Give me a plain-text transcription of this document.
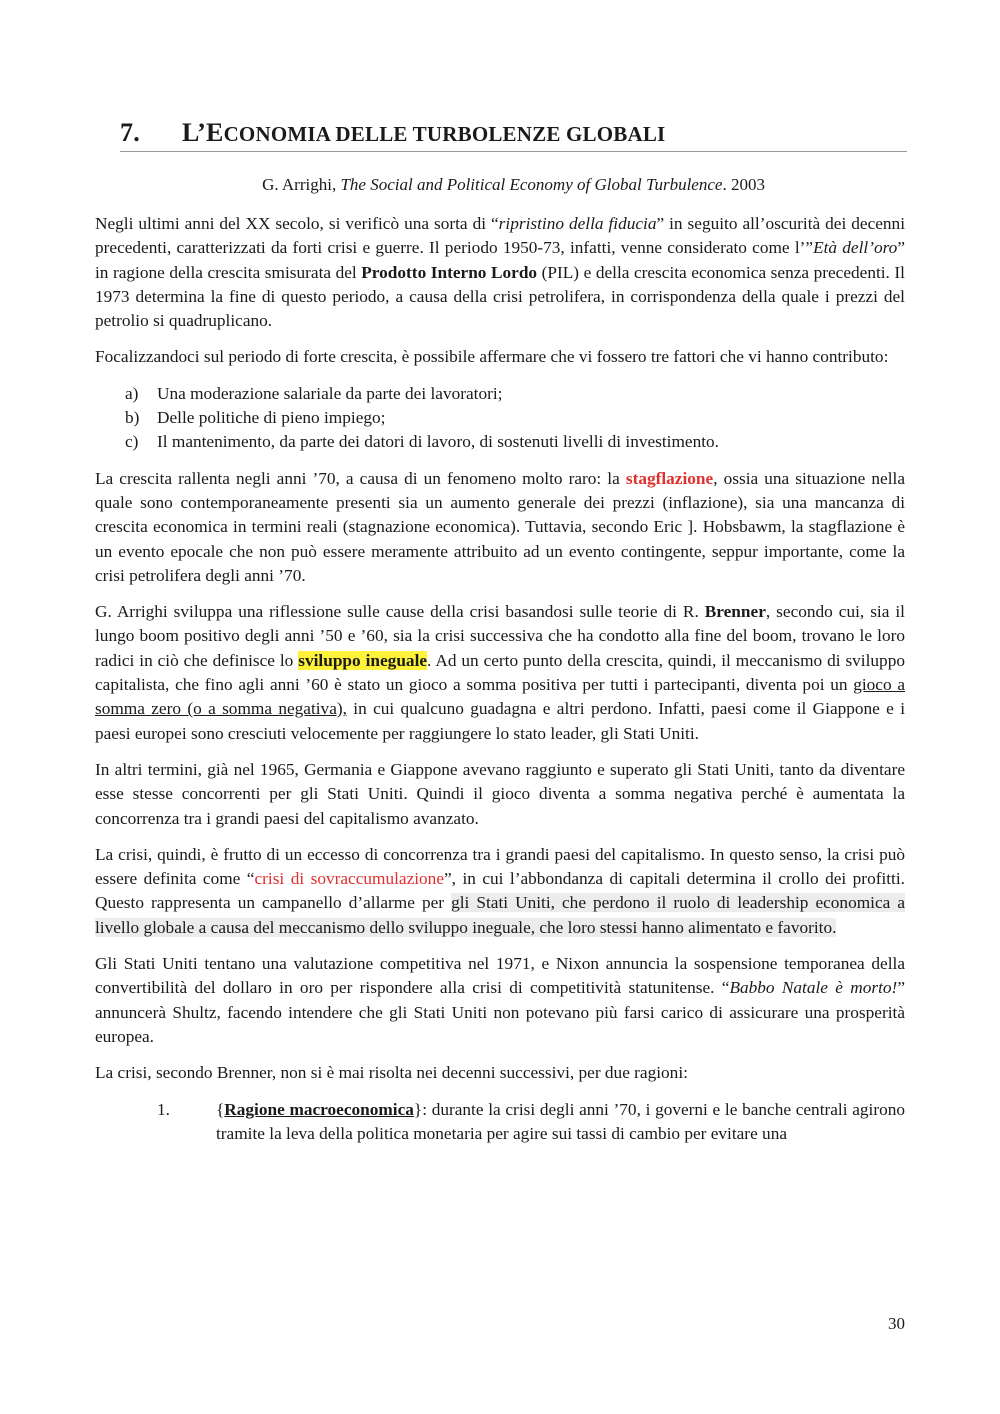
7. L’ECONOMIA DELLE TURBOLENZE GLOBALI
G. Arrighi, The Social and Political Economy of Global Turbulence. 2003

Negli ultimi anni del XX secolo, si verificò una sorta di “ripristino della fiducia” in seguito all’oscurità dei decenni precedenti, caratterizzati da forti crisi e guerre. Il periodo 1950-73, infatti, venne considerato come l’”Età dell’oro” in ragione della crescita smisurata del Prodotto Interno Lordo (PIL) e della crescita economica senza precedenti. Il 1973 determina la fine di questo periodo, a causa della crisi petrolifera, in corrispondenza della quale i prezzi del petrolio si quadruplicano.

Focalizzandoci sul periodo di forte crescita, è possibile affermare che vi fossero tre fattori che vi hanno contributo:

a) Una moderazione salariale da parte dei lavoratori;
b) Delle politiche di pieno impiego;
c) Il mantenimento, da parte dei datori di lavoro, di sostenuti livelli di investimento.

La crescita rallenta negli anni ’70, a causa di un fenomeno molto raro: la stagflazione, ossia una situazione nella quale sono contemporaneamente presenti sia un aumento generale dei prezzi (inflazione), sia una mancanza di crescita economica in termini reali (stagnazione economica). Tuttavia, secondo Eric ]. Hobsbawm, la stagflazione è un evento epocale che non può essere meramente attribuito ad un evento contingente, seppur importante, come la crisi petrolifera degli anni ’70.

G. Arrighi sviluppa una riflessione sulle cause della crisi basandosi sulle teorie di R. Brenner, secondo cui, sia il lungo boom positivo degli anni ’50 e ’60, sia la crisi successiva che ha condotto alla fine del boom, trovano le loro radici in ciò che definisce lo sviluppo ineguale. Ad un certo punto della crescita, quindi, il meccanismo di sviluppo capitalista, che fino agli anni ’60 è stato un gioco a somma positiva per tutti i partecipanti, diventa poi un gioco a somma zero (o a somma negativa), in cui qualcuno guadagna e altri perdono. Infatti, paesi come il Giappone e i paesi europei sono cresciuti velocemente per raggiungere lo stato leader, gli Stati Uniti.

In altri termini, già nel 1965, Germania e Giappone avevano raggiunto e superato gli Stati Uniti, tanto da diventare esse stesse concorrenti per gli Stati Uniti. Quindi il gioco diventa a somma negativa perché è aumentata la concorrenza tra i grandi paesi del capitalismo avanzato.

La crisi, quindi, è frutto di un eccesso di concorrenza tra i grandi paesi del capitalismo. In questo senso, la crisi può essere definita come “crisi di sovraccumulazione”, in cui l’abbondanza di capitali determina il crollo dei profitti. Questo rappresenta un campanello d’allarme per gli Stati Uniti, che perdono il ruolo di leadership economica a livello globale a causa del meccanismo dello sviluppo ineguale, che loro stessi hanno alimentato e favorito.

Gli Stati Uniti tentano una valutazione competitiva nel 1971, e Nixon annuncia la sospensione temporanea della convertibilità del dollaro in oro per rispondere alla crisi di competitività statunitense. “Babbo Natale è morto!” annuncerà Shultz, facendo intendere che gli Stati Uniti non potevano più farsi carico di assicurare una prosperità europea.

La crisi, secondo Brenner, non si è mai risolta nei decenni successivi, per due ragioni:

1.	{Ragione macroeconomica}: durante la crisi degli anni ’70, i governi e le banche centrali agirono tramite la leva della politica monetaria per agire sui tassi di cambio per evitare una

30
